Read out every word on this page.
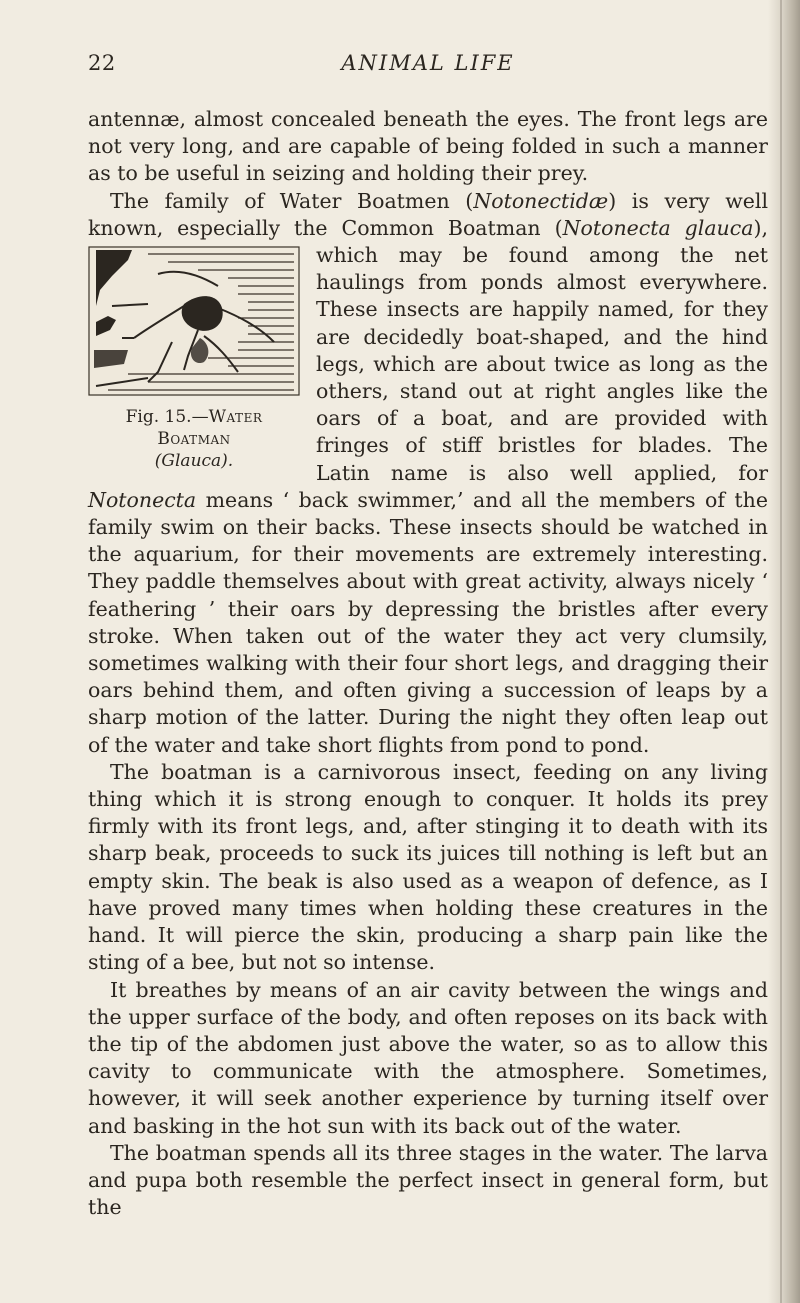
22	ANIMAL LIFE

antennæ, almost concealed beneath the eyes. The front legs are not very long, and are capable of being folded in such a manner as to be useful in seizing and holding their prey.

The family of Water Boatmen (Notonectidæ) is very well known, especially the Common Boatman (Notonecta glauca), which may be
Fig. 15.—Water Boatman
(Glauca).
found among the net haulings from ponds almost everywhere. These insects are happily named, for they are decidedly boat-shaped, and the hind legs, which are about twice as long as the others, stand out at right angles like the oars of a boat, and are provided with fringes of stiff bristles for blades. The Latin name is also well applied, for Notonecta means ‘ back swimmer,’ and all the members of the family swim on their backs. These insects should be watched in the aquarium, for their movements are extremely interesting. They paddle themselves about with great activity, always nicely ‘ feathering ’ their oars by depressing the bristles after every stroke. When taken out of the water they act very clumsily, sometimes walking with their four short legs, and dragging their oars behind them, and often giving a succession of leaps by a sharp motion of the latter. During the night they often leap out of the water and take short flights from pond to pond.

The boatman is a carnivorous insect, feeding on any living thing which it is strong enough to conquer. It holds its prey firmly with its front legs, and, after stinging it to death with its sharp beak, proceeds to suck its juices till nothing is left but an empty skin. The beak is also used as a weapon of defence, as I have proved many times when holding these creatures in the hand. It will pierce the skin, producing a sharp pain like the sting of a bee, but not so intense.

It breathes by means of an air cavity between the wings and the upper surface of the body, and often reposes on its back with the tip of the abdomen just above the water, so as to allow this cavity to communicate with the atmosphere. Sometimes, however, it will seek another experience by turning itself over and basking in the hot sun with its back out of the water.

The boatman spends all its three stages in the water. The larva and pupa both resemble the perfect insect in general form, but the
